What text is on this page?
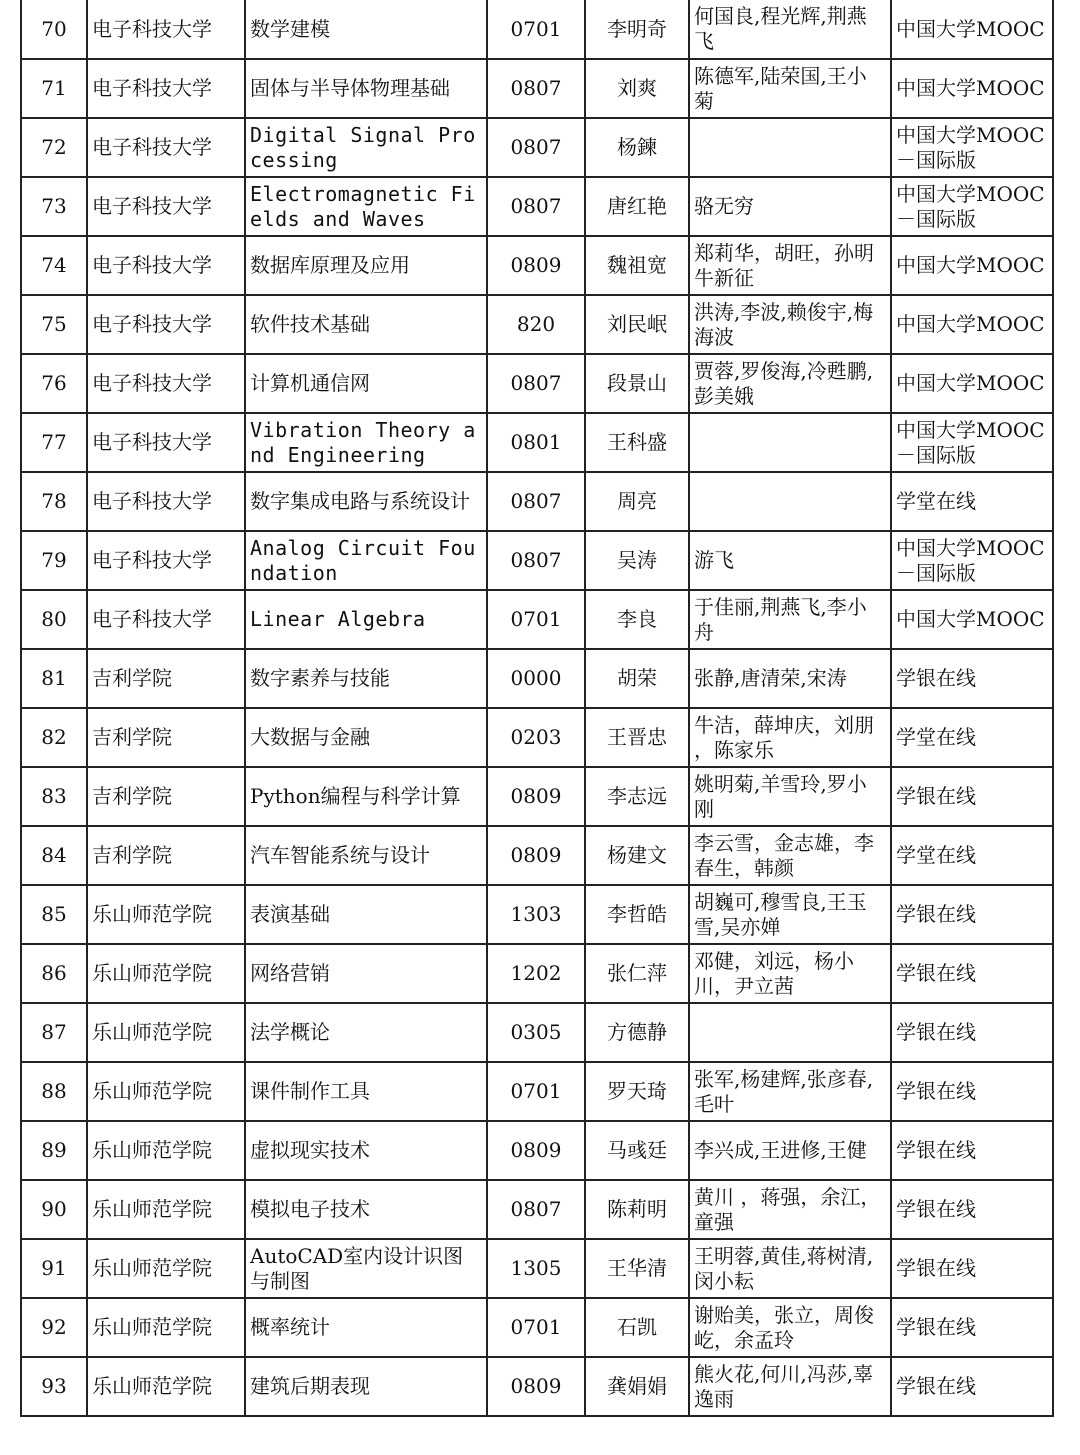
70	电子科技大学	数学建模	0701	李明奇	何国良,程光辉,荆燕飞	中国大学MOOC
71	电子科技大学	固体与半导体物理基础	0807	刘爽	陈德军,陆荣国,王小菊	中国大学MOOC
72	电子科技大学	Digital Signal Processing	0807	杨鍊		中国大学MOOC－国际版
73	电子科技大学	Electromagnetic Fields and Waves	0807	唐红艳	骆无穷	中国大学MOOC－国际版
74	电子科技大学	数据库原理及应用	0809	魏祖宽	郑莉华，胡旺，孙明 牛新征	中国大学MOOC
75	电子科技大学	软件技术基础	820	刘民岷	洪涛,李波,赖俊宇,梅海波	中国大学MOOC
76	电子科技大学	计算机通信网	0807	段景山	贾蓉,罗俊海,冷甦鹏,彭美娥	中国大学MOOC
77	电子科技大学	Vibration Theory and Engineering	0801	王科盛		中国大学MOOC－国际版
78	电子科技大学	数字集成电路与系统设计	0807	周亮		学堂在线
79	电子科技大学	Analog Circuit Foundation	0807	吴涛	游飞	中国大学MOOC－国际版
80	电子科技大学	Linear Algebra	0701	李良	于佳丽,荆燕飞,李小舟	中国大学MOOC
81	吉利学院	数字素养与技能	0000	胡荣	张静,唐清荣,宋涛	学银在线
82	吉利学院	大数据与金融	0203	王晋忠	牛洁，薛坤庆，刘朋 ，陈家乐	学堂在线
83	吉利学院	Python编程与科学计算	0809	李志远	姚明菊,羊雪玲,罗小刚	学银在线
84	吉利学院	汽车智能系统与设计	0809	杨建文	李云雪，金志雄，李春生，韩颜	学堂在线
85	乐山师范学院	表演基础	1303	李哲皓	胡巍可,穆雪良,王玉雪,吴亦婵	学银在线
86	乐山师范学院	网络营销	1202	张仁萍	邓健，刘远，杨小川，尹立茜	学银在线
87	乐山师范学院	法学概论	0305	方德静		学银在线
88	乐山师范学院	课件制作工具	0701	罗天琦	张军,杨建辉,张彦春,毛叶	学银在线
89	乐山师范学院	虚拟现实技术	0809	马彧廷	李兴成,王进修,王健	学银在线
90	乐山师范学院	模拟电子技术	0807	陈莉明	黄川 ，蒋强，余江，童强	学银在线
91	乐山师范学院	AutoCAD室内设计识图与制图	1305	王华清	王明蓉,黄佳,蒋树清,闵小耘	学银在线
92	乐山师范学院	概率统计	0701	石凯	谢贻美，张立，周俊屹，余孟玲	学银在线
93	乐山师范学院	建筑后期表现	0809	龚娟娟	熊火花,何川,冯莎,辜逸雨	学银在线
